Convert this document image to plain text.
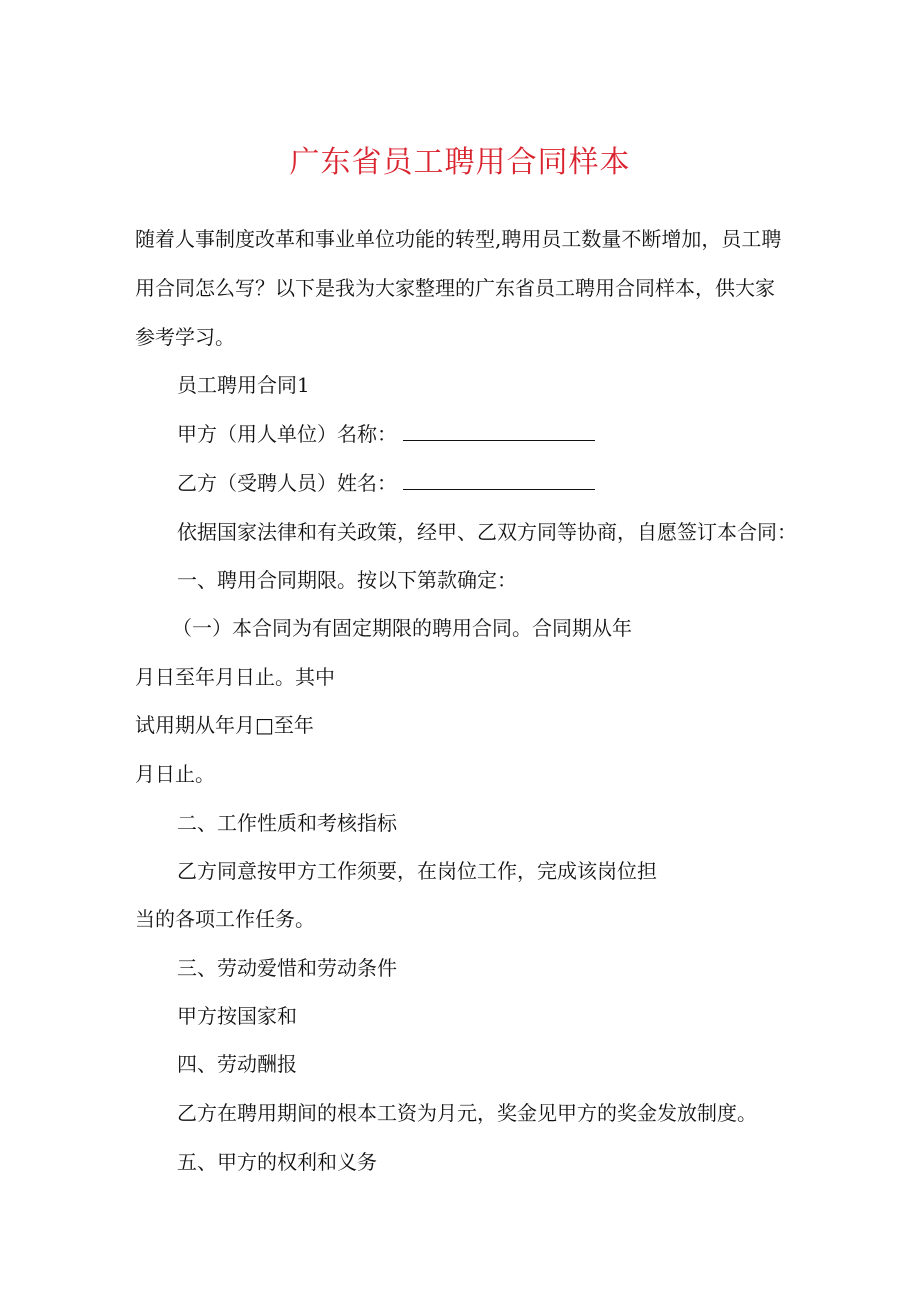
广东省员工聘用合同样本
随着人事制度改革和事业单位功能的转型,聘用员工数量不断增加，员工聘
用合同怎么写？以下是我为大家整理的广东省员工聘用合同样本，供大家
参考学习。
员工聘用合同1
甲方（用人单位）名称：
乙方（受聘人员）姓名：
依据国家法律和有关政策，经甲、乙双方同等协商，自愿签订本合同：
一、聘用合同期限。按以下第款确定：
（一）本合同为有固定期限的聘用合同。合同期从年
月日至年月日止。其中
试用期从年月□至年
月日止。
二、工作性质和考核指标
乙方同意按甲方工作须要，在岗位工作，完成该岗位担
当的各项工作任务。
三、劳动爱惜和劳动条件
甲方按国家和
四、劳动酬报
乙方在聘用期间的根本工资为月元，奖金见甲方的奖金发放制度。
五、甲方的权利和义务
